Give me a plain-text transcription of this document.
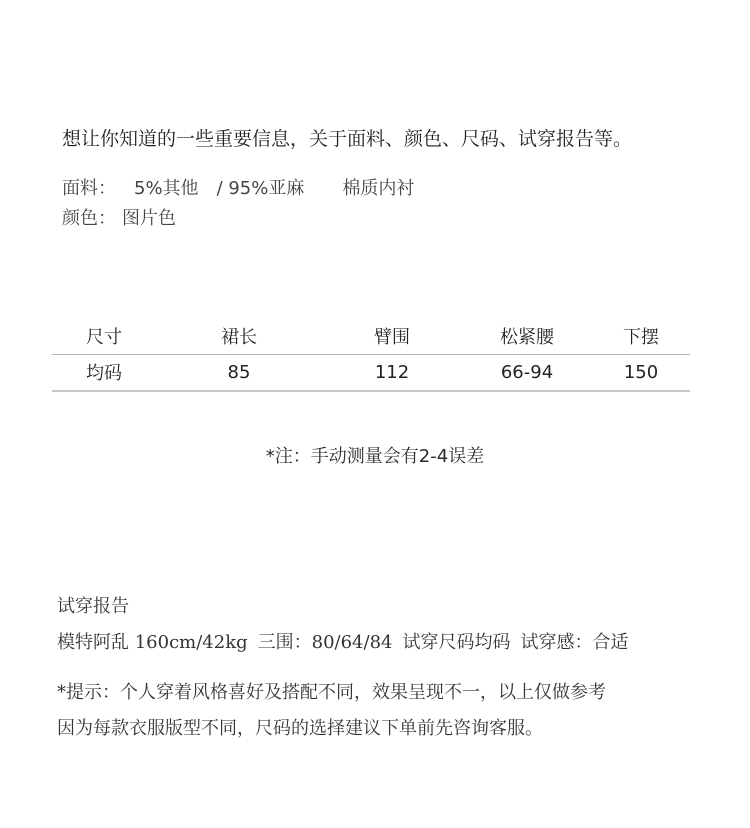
想让你知道的一些重要信息，关于面料、颜色、尺码、试穿报告等。
面料： 5%其他 / 95%亚麻 棉质内衬
颜色： 图片色
尺寸	裙长	臂围	松紧腰	下摆
均码	85	112	66-94	150
*注：手动测量会有2-4误差
试穿报告
模特阿乱 160cm/42kg 三围：80/64/84 试穿尺码均码 试穿感：合适
*提示：个人穿着风格喜好及搭配不同，效果呈现不一，以上仅做参考
因为每款衣服版型不同，尺码的选择建议下单前先咨询客服。
